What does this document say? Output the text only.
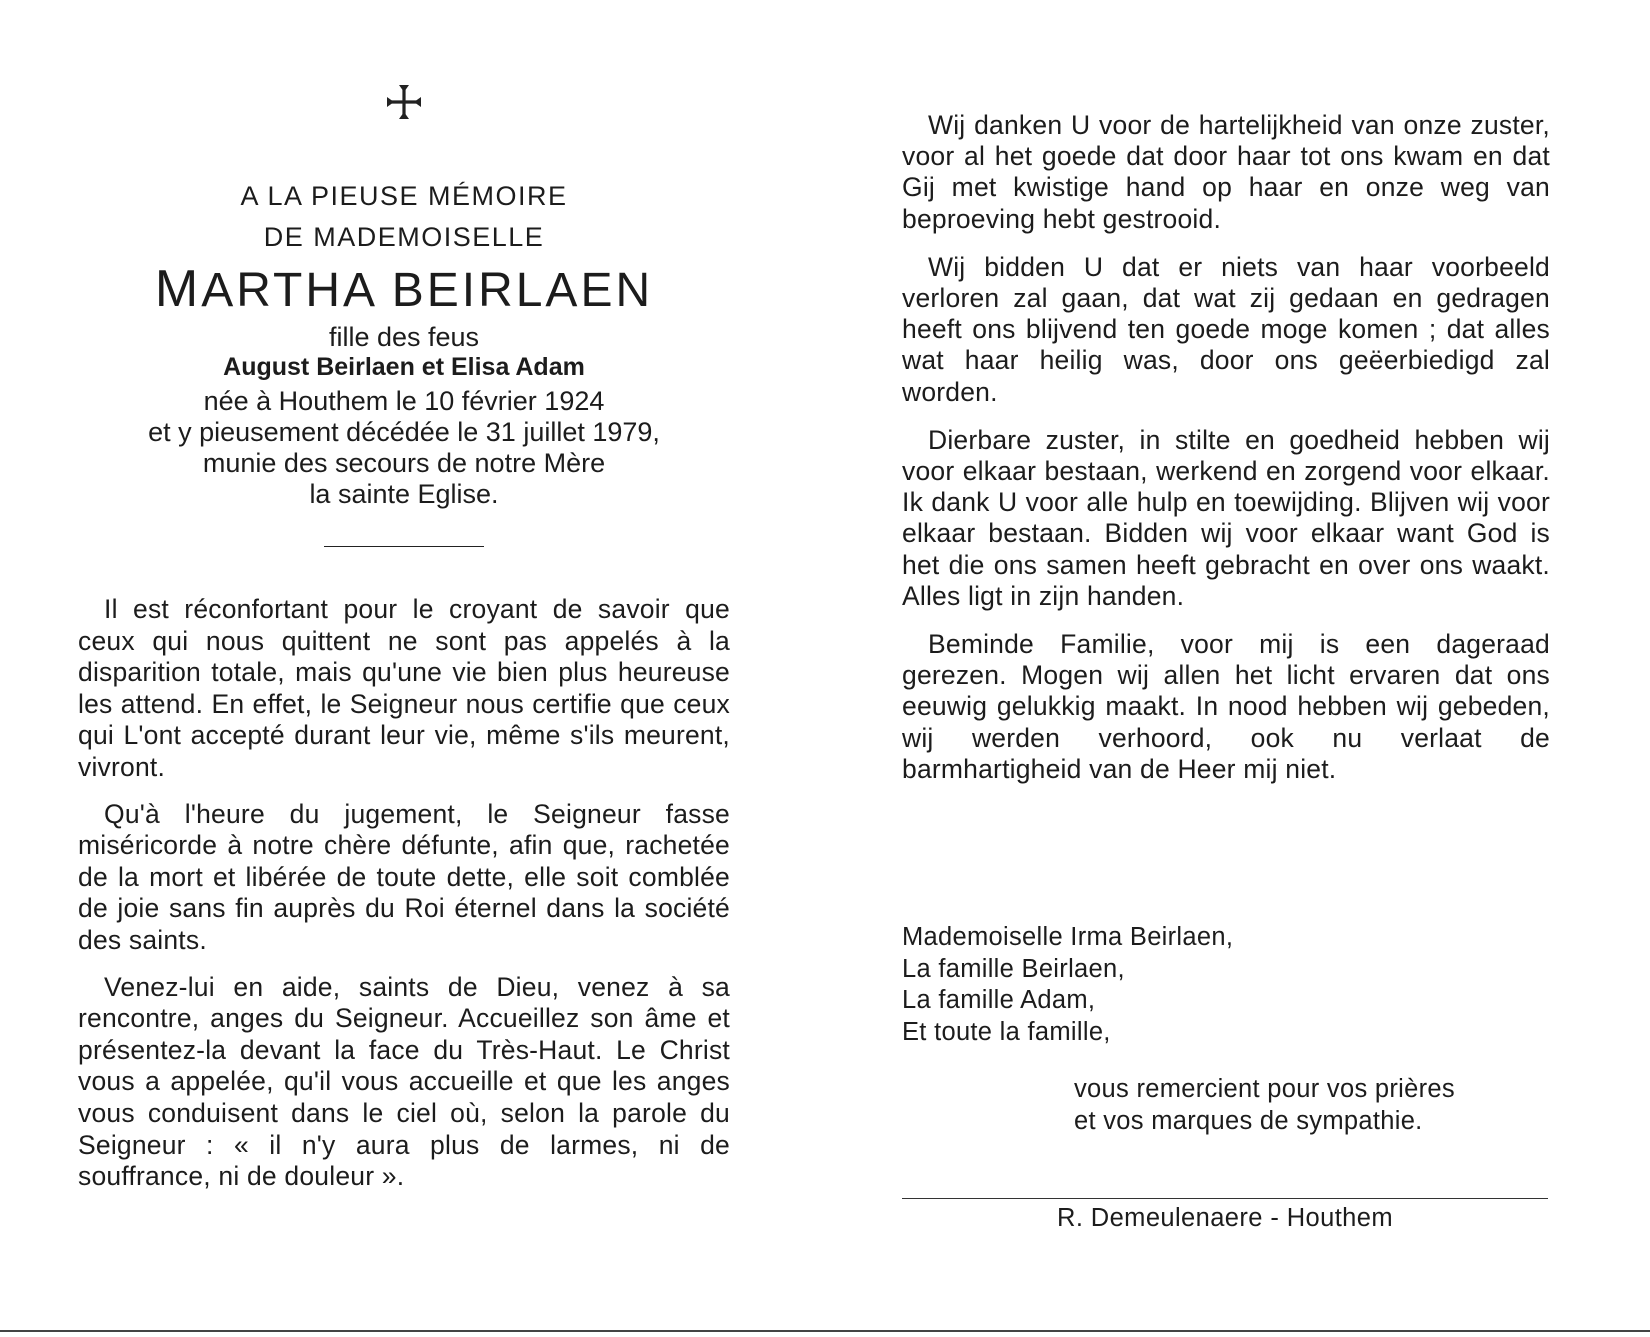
A LA PIEUSE MÉMOIRE
DE MADEMOISELLE
MARTHA BEIRLAEN
fille des feus
August Beirlaen et Elisa Adam
née à Houthem le 10 février 1924
et y pieusement décédée le 31 juillet 1979,
munie des secours de notre Mère
la sainte Eglise.

Il est réconfortant pour le croyant de savoir que ceux qui nous quittent ne sont pas appelés à la disparition totale, mais qu'une vie bien plus heureuse les attend. En effet, le Seigneur nous certifie que ceux qui L'ont accepté durant leur vie, même s'ils meurent, vivront.

Qu'à l'heure du jugement, le Seigneur fasse miséricorde à notre chère défunte, afin que, rachetée de la mort et libérée de toute dette, elle soit comblée de joie sans fin auprès du Roi éternel dans la société des saints.

Venez-lui en aide, saints de Dieu, venez à sa rencontre, anges du Seigneur. Accueillez son âme et présentez-la devant la face du Très-Haut. Le Christ vous a appelée, qu'il vous accueille et que les anges vous conduisent dans le ciel où, selon la parole du Seigneur : « il n'y aura plus de larmes, ni de souffrance, ni de douleur ».

Wij danken U voor de hartelijkheid van onze zuster, voor al het goede dat door haar tot ons kwam en dat Gij met kwistige hand op haar en onze weg van beproeving hebt gestrooid.

Wij bidden U dat er niets van haar voorbeeld verloren zal gaan, dat wat zij gedaan en gedragen heeft ons blijvend ten goede moge komen ; dat alles wat haar heilig was, door ons geëerbiedigd zal worden.

Dierbare zuster, in stilte en goedheid hebben wij voor elkaar bestaan, werkend en zorgend voor elkaar. Ik dank U voor alle hulp en toewijding. Blijven wij voor elkaar bestaan. Bidden wij voor elkaar want God is het die ons samen heeft gebracht en over ons waakt. Alles ligt in zijn handen.

Beminde Familie, voor mij is een dageraad gerezen. Mogen wij allen het licht ervaren dat ons eeuwig gelukkig maakt. In nood hebben wij gebeden, wij werden verhoord, ook nu verlaat de barmhartigheid van de Heer mij niet.

Mademoiselle Irma Beirlaen,
La famille Beirlaen,
La famille Adam,
Et toute la famille,
vous remercient pour vos prières
et vos marques de sympathie.
R. Demeulenaere - Houthem
